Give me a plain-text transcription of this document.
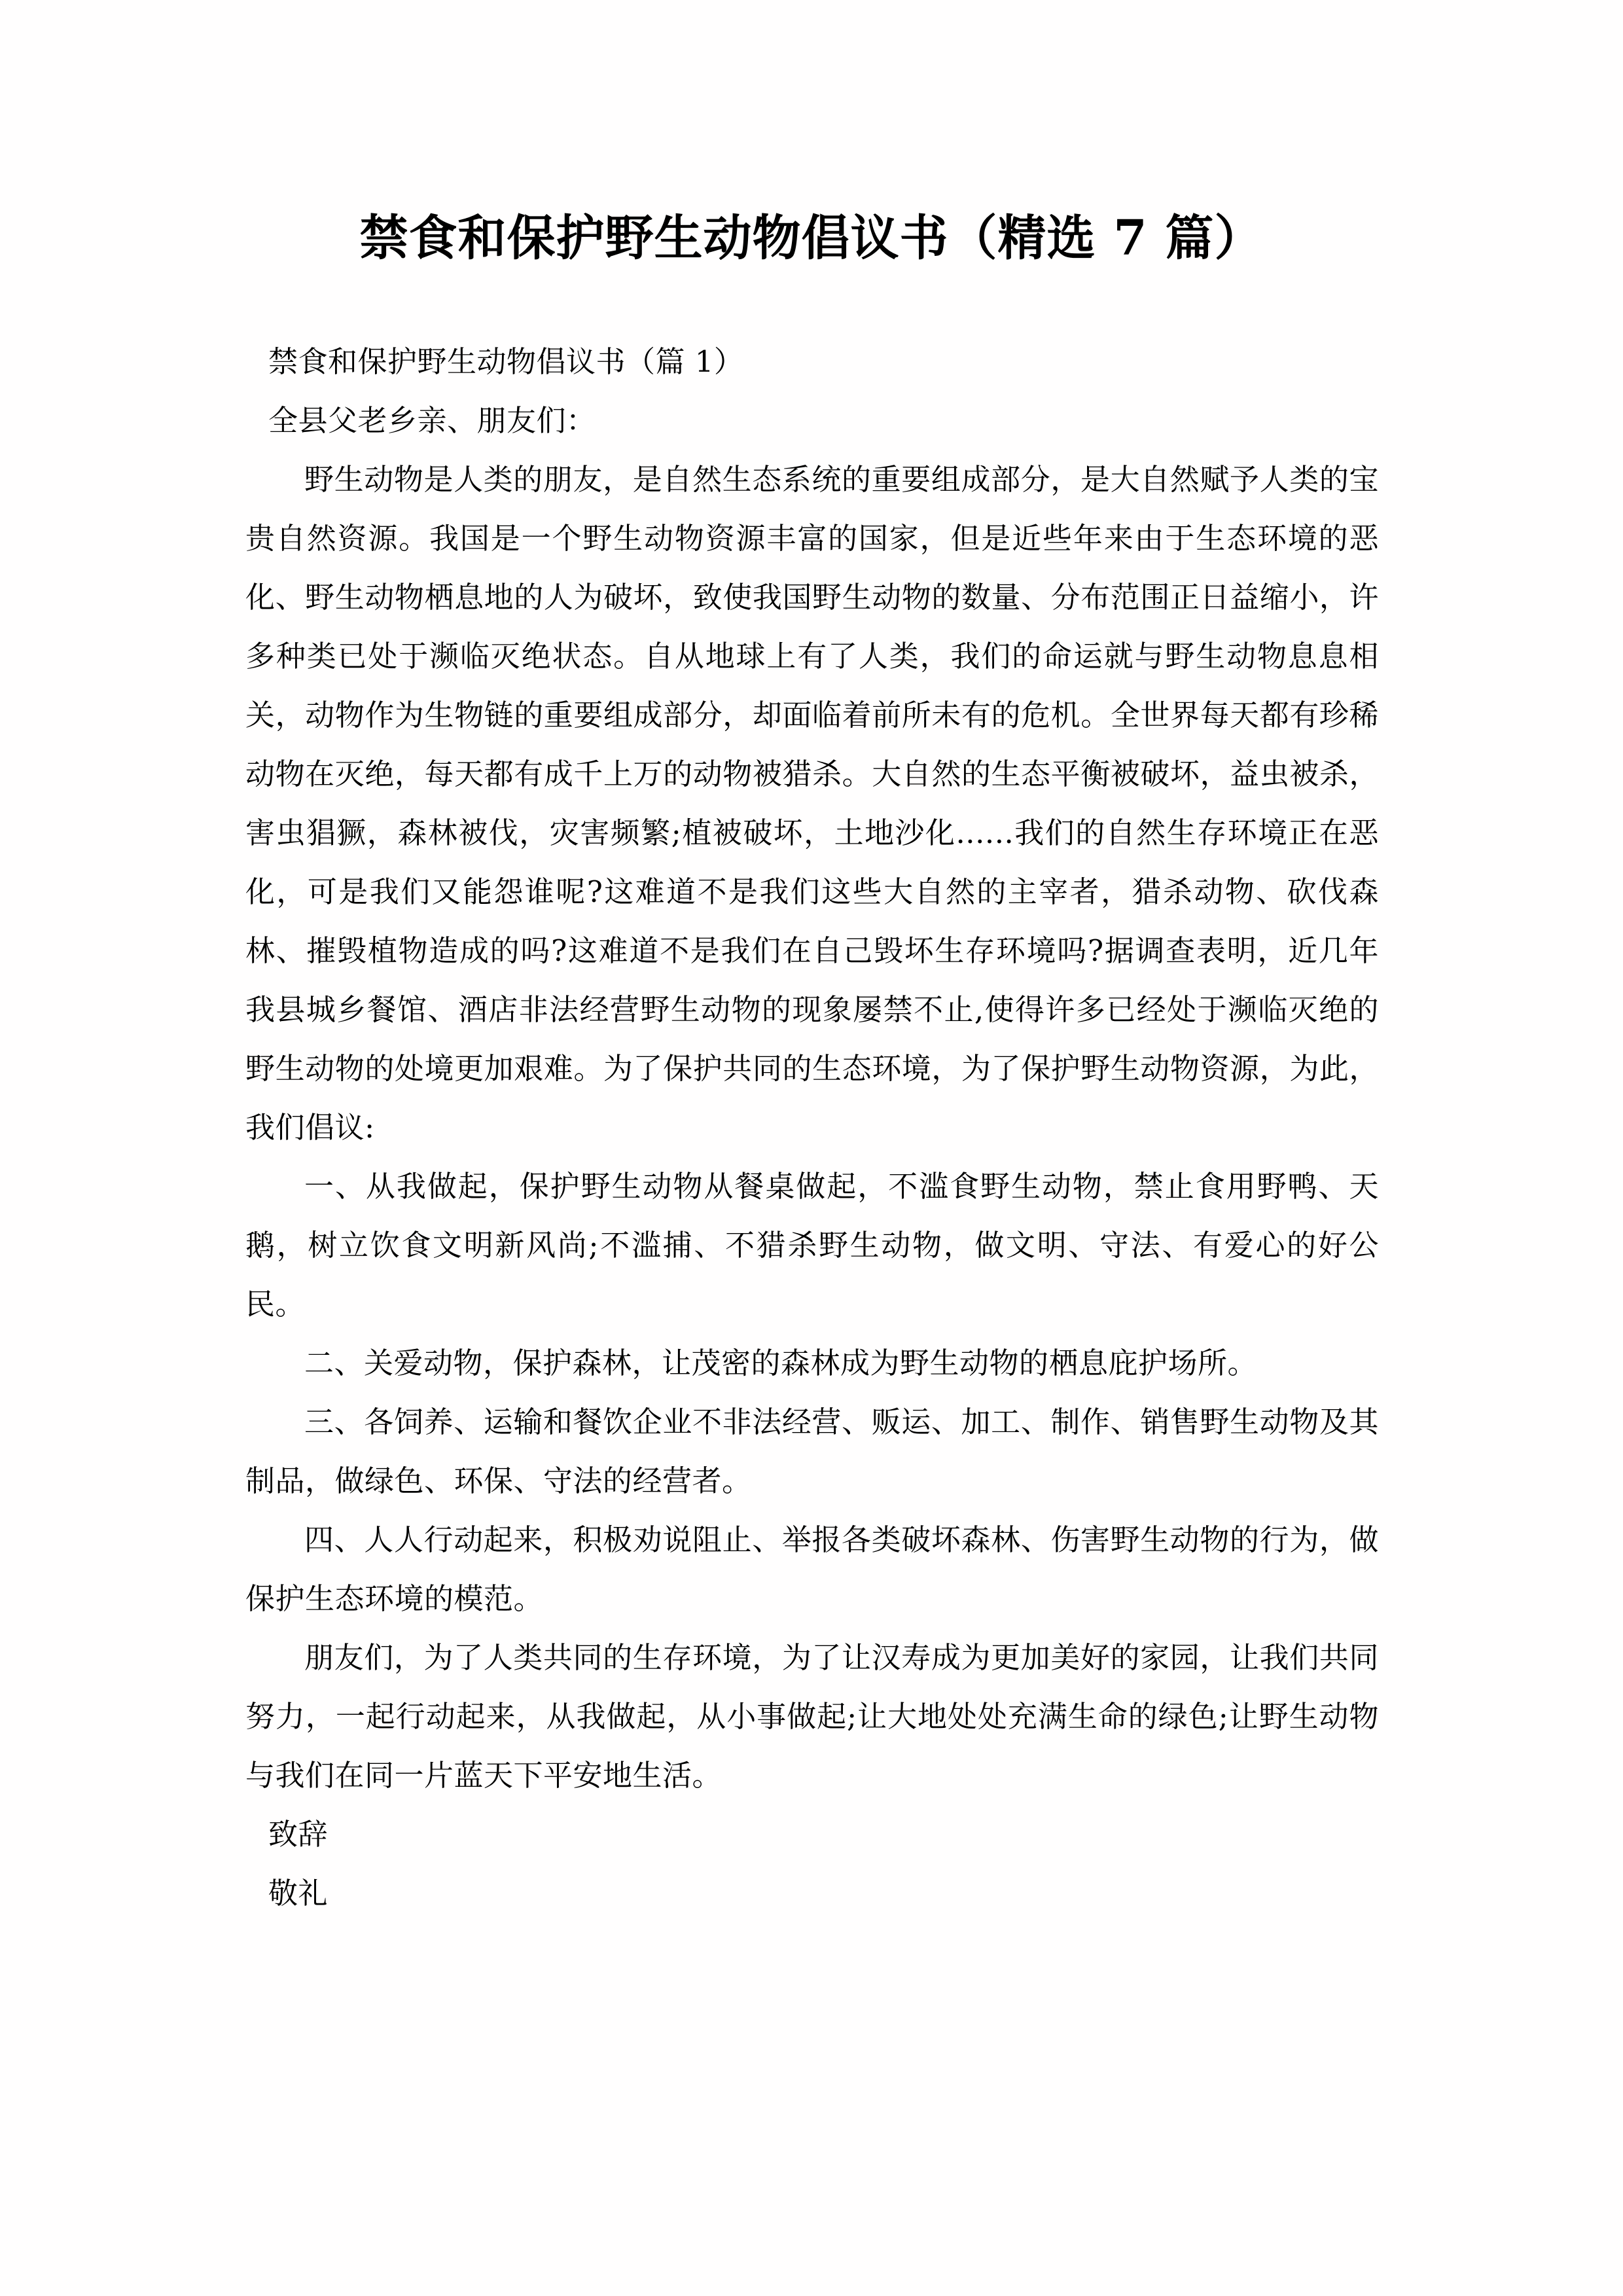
禁食和保护野生动物倡议书（精选 7 篇）

禁食和保护野生动物倡议书（篇 1）

全县父老乡亲、朋友们：

野生动物是人类的朋友，是自然生态系统的重要组成部分，是大自然赋予人类的宝贵自然资源。我国是一个野生动物资源丰富的国家，但是近些年来由于生态环境的恶化、野生动物栖息地的人为破坏，致使我国野生动物的数量、分布范围正日益缩小，许多种类已处于濒临灭绝状态。自从地球上有了人类，我们的命运就与野生动物息息相关，动物作为生物链的重要组成部分，却面临着前所未有的危机。全世界每天都有珍稀动物在灭绝，每天都有成千上万的动物被猎杀。大自然的生态平衡被破坏，益虫被杀，害虫猖獗，森林被伐，灾害频繁;植被破坏，土地沙化......我们的自然生存环境正在恶化，可是我们又能怨谁呢?这难道不是我们这些大自然的主宰者，猎杀动物、砍伐森林、摧毁植物造成的吗?这难道不是我们在自己毁坏生存环境吗?据调查表明，近几年我县城乡餐馆、酒店非法经营野生动物的现象屡禁不止,使得许多已经处于濒临灭绝的野生动物的处境更加艰难。为了保护共同的生态环境，为了保护野生动物资源，为此，我们倡议:

一、从我做起，保护野生动物从餐桌做起，不滥食野生动物，禁止食用野鸭、天鹅，树立饮食文明新风尚;不滥捕、不猎杀野生动物，做文明、守法、有爱心的好公民。

二、关爱动物，保护森林，让茂密的森林成为野生动物的栖息庇护场所。

三、各饲养、运输和餐饮企业不非法经营、贩运、加工、制作、销售野生动物及其制品，做绿色、环保、守法的经营者。

四、人人行动起来，积极劝说阻止、举报各类破坏森林、伤害野生动物的行为，做保护生态环境的模范。

朋友们，为了人类共同的生存环境，为了让汉寿成为更加美好的家园，让我们共同努力，一起行动起来，从我做起，从小事做起;让大地处处充满生命的绿色;让野生动物与我们在同一片蓝天下平安地生活。

致辞

敬礼
